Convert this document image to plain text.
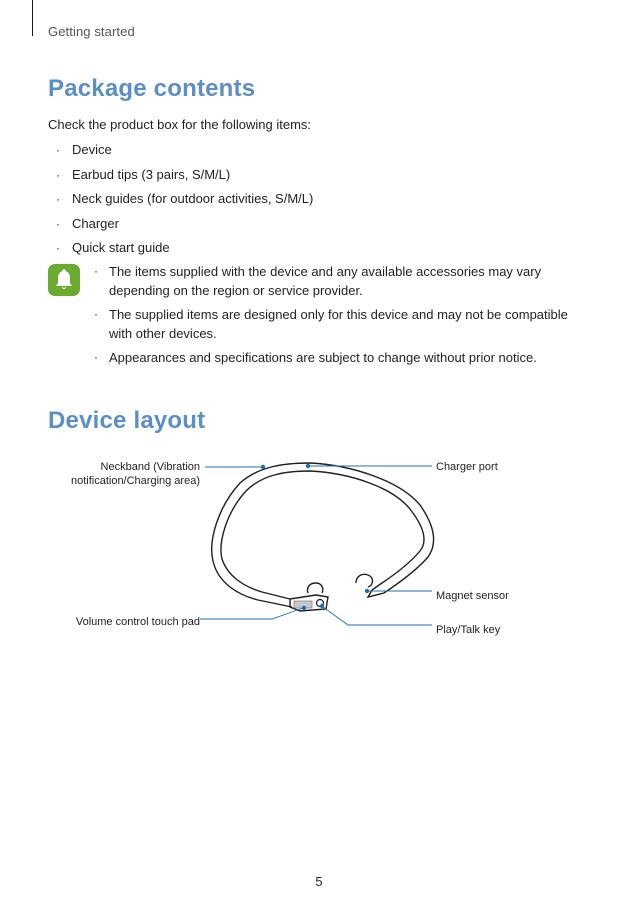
Getting started
Package contents
Check the product box for the following items:
· Device
· Earbud tips (3 pairs, S/M/L)
· Neck guides (for outdoor activities, S/M/L)
· Charger
· Quick start guide
· The items supplied with the device and any available accessories may vary depending on the region or service provider.
· The supplied items are designed only for this device and may not be compatible with other devices.
· Appearances and specifications are subject to change without prior notice.
Device layout
Neckband (Vibration notification/Charging area)
Charger port
Magnet sensor
Volume control touch pad
Play/Talk key
5
